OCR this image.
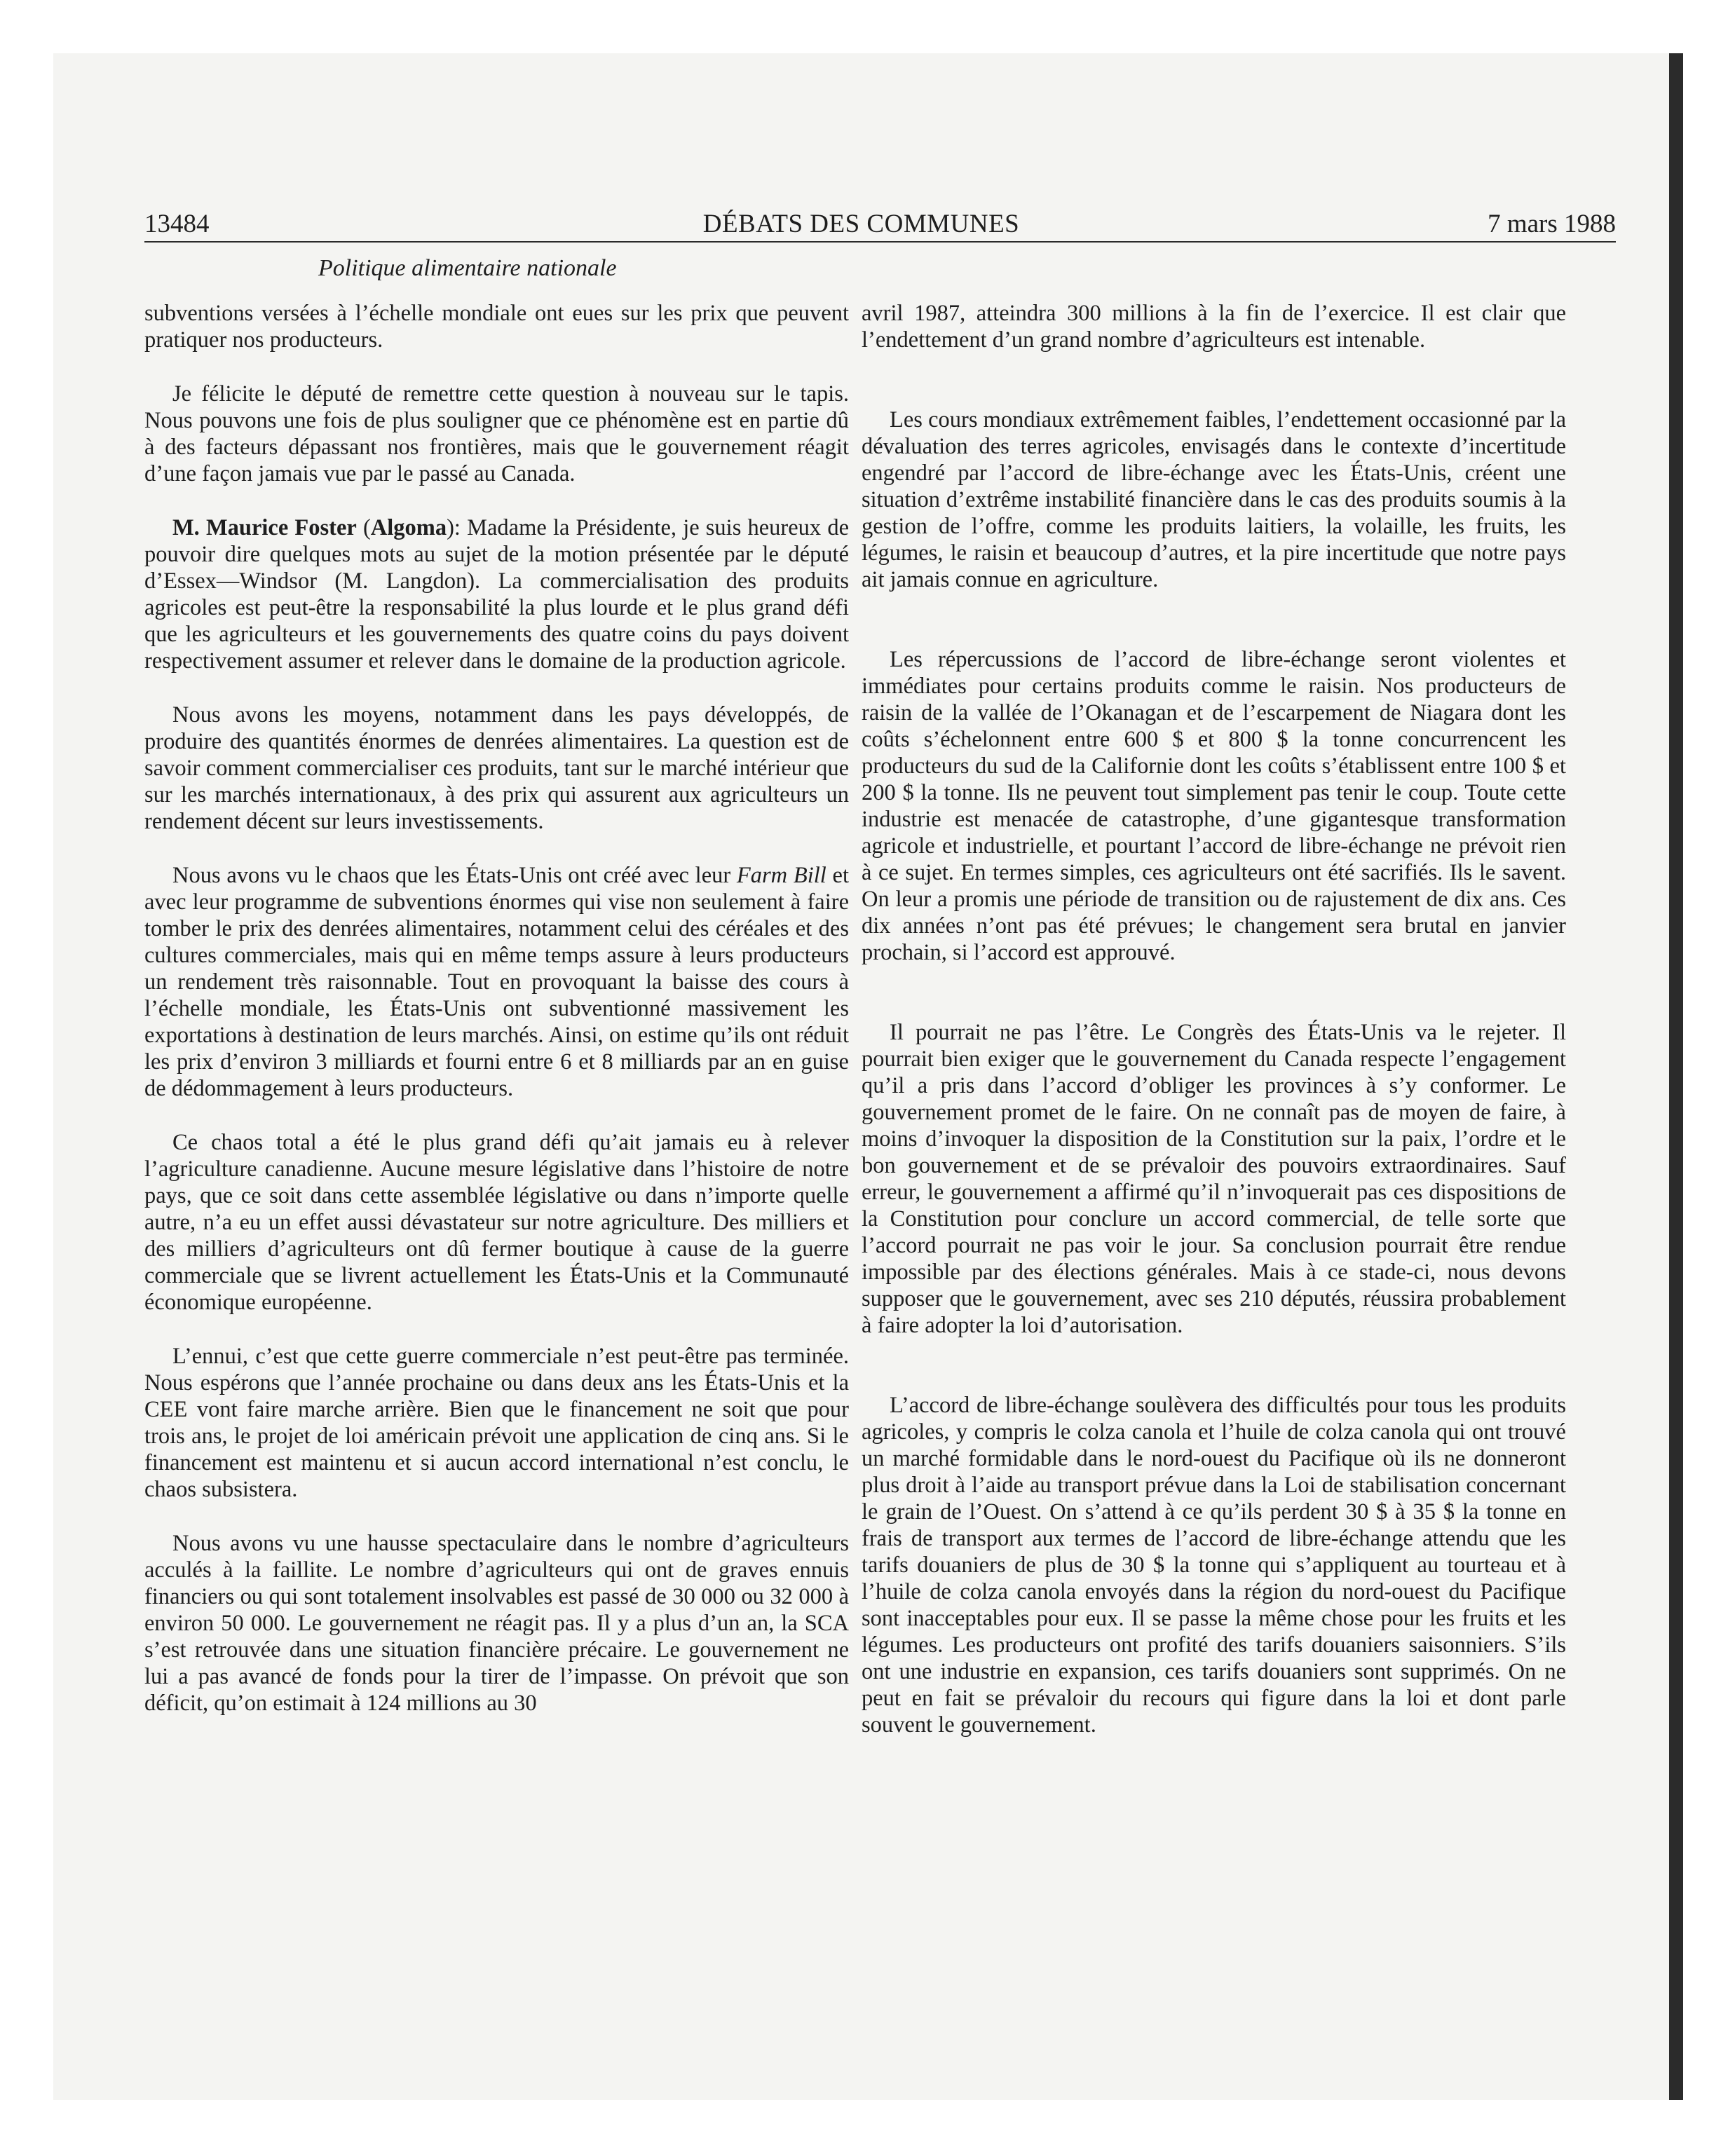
13484	DÉBATS DES COMMUNES	7 mars 1988
Politique alimentaire nationale

subventions versées à l’échelle mondiale ont eues sur les prix que peuvent pratiquer nos producteurs.

Je félicite le député de remettre cette question à nouveau sur le tapis. Nous pouvons une fois de plus souligner que ce phénomène est en partie dû à des facteurs dépassant nos frontières, mais que le gouvernement réagit d’une façon jamais vue par le passé au Canada.

M. Maurice Foster (Algoma): Madame la Présidente, je suis heureux de pouvoir dire quelques mots au sujet de la motion présentée par le député d’Essex—Windsor (M. Langdon). La commercialisation des produits agricoles est peut-être la responsabilité la plus lourde et le plus grand défi que les agriculteurs et les gouvernements des quatre coins du pays doivent respectivement assumer et relever dans le domaine de la production agricole.

Nous avons les moyens, notamment dans les pays développés, de produire des quantités énormes de denrées alimentaires. La question est de savoir comment commercialiser ces produits, tant sur le marché intérieur que sur les marchés internationaux, à des prix qui assurent aux agriculteurs un rendement décent sur leurs investissements.

Nous avons vu le chaos que les États-Unis ont créé avec leur Farm Bill et avec leur programme de subventions énormes qui vise non seulement à faire tomber le prix des denrées alimentaires, notamment celui des céréales et des cultures commerciales, mais qui en même temps assure à leurs producteurs un rendement très raisonnable. Tout en provoquant la baisse des cours à l’échelle mondiale, les États-Unis ont subventionné massivement les exportations à destination de leurs marchés. Ainsi, on estime qu’ils ont réduit les prix d’environ 3 milliards et fourni entre 6 et 8 milliards par an en guise de dédommagement à leurs producteurs.

Ce chaos total a été le plus grand défi qu’ait jamais eu à relever l’agriculture canadienne. Aucune mesure législative dans l’histoire de notre pays, que ce soit dans cette assemblée législative ou dans n’importe quelle autre, n’a eu un effet aussi dévastateur sur notre agriculture. Des milliers et des milliers d’agriculteurs ont dû fermer boutique à cause de la guerre commerciale que se livrent actuellement les États-Unis et la Communauté économique européenne.

L’ennui, c’est que cette guerre commerciale n’est peut-être pas terminée. Nous espérons que l’année prochaine ou dans deux ans les États-Unis et la CEE vont faire marche arrière. Bien que le financement ne soit que pour trois ans, le projet de loi américain prévoit une application de cinq ans. Si le financement est maintenu et si aucun accord international n’est conclu, le chaos subsistera.

Nous avons vu une hausse spectaculaire dans le nombre d’agriculteurs acculés à la faillite. Le nombre d’agriculteurs qui ont de graves ennuis financiers ou qui sont totalement insolvables est passé de 30 000 ou 32 000 à environ 50 000. Le gouvernement ne réagit pas. Il y a plus d’un an, la SCA s’est retrouvée dans une situation financière précaire. Le gouvernement ne lui a pas avancé de fonds pour la tirer de l’impasse. On prévoit que son déficit, qu’on estimait à 124 millions au 30

avril 1987, atteindra 300 millions à la fin de l’exercice. Il est clair que l’endettement d’un grand nombre d’agriculteurs est intenable.

Les cours mondiaux extrêmement faibles, l’endettement occasionné par la dévaluation des terres agricoles, envisagés dans le contexte d’incertitude engendré par l’accord de libre-échange avec les États-Unis, créent une situation d’extrême instabilité financière dans le cas des produits soumis à la gestion de l’offre, comme les produits laitiers, la volaille, les fruits, les légumes, le raisin et beaucoup d’autres, et la pire incertitude que notre pays ait jamais connue en agriculture.

Les répercussions de l’accord de libre-échange seront violentes et immédiates pour certains produits comme le raisin. Nos producteurs de raisin de la vallée de l’Okanagan et de l’escarpement de Niagara dont les coûts s’échelonnent entre 600 $ et 800 $ la tonne concurrencent les producteurs du sud de la Californie dont les coûts s’établissent entre 100 $ et 200 $ la tonne. Ils ne peuvent tout simplement pas tenir le coup. Toute cette industrie est menacée de catastrophe, d’une gigantesque transformation agricole et industrielle, et pourtant l’accord de libre-échange ne prévoit rien à ce sujet. En termes simples, ces agriculteurs ont été sacrifiés. Ils le savent. On leur a promis une période de transition ou de rajustement de dix ans. Ces dix années n’ont pas été prévues; le changement sera brutal en janvier prochain, si l’accord est approuvé.

Il pourrait ne pas l’être. Le Congrès des États-Unis va le rejeter. Il pourrait bien exiger que le gouvernement du Canada respecte l’engagement qu’il a pris dans l’accord d’obliger les provinces à s’y conformer. Le gouvernement promet de le faire. On ne connaît pas de moyen de faire, à moins d’invoquer la disposition de la Constitution sur la paix, l’ordre et le bon gouvernement et de se prévaloir des pouvoirs extraordinaires. Sauf erreur, le gouvernement a affirmé qu’il n’invoquerait pas ces dispositions de la Constitution pour conclure un accord commercial, de telle sorte que l’accord pourrait ne pas voir le jour. Sa conclusion pourrait être rendue impossible par des élections générales. Mais à ce stade-ci, nous devons supposer que le gouvernement, avec ses 210 députés, réussira probablement à faire adopter la loi d’autorisation.

L’accord de libre-échange soulèvera des difficultés pour tous les produits agricoles, y compris le colza canola et l’huile de colza canola qui ont trouvé un marché formidable dans le nord-ouest du Pacifique où ils ne donneront plus droit à l’aide au transport prévue dans la Loi de stabilisation concernant le grain de l’Ouest. On s’attend à ce qu’ils perdent 30 $ à 35 $ la tonne en frais de transport aux termes de l’accord de libre-échange attendu que les tarifs douaniers de plus de 30 $ la tonne qui s’appliquent au tourteau et à l’huile de colza canola envoyés dans la région du nord-ouest du Pacifique sont inacceptables pour eux. Il se passe la même chose pour les fruits et les légumes. Les producteurs ont profité des tarifs douaniers saisonniers. S’ils ont une industrie en expansion, ces tarifs douaniers sont supprimés. On ne peut en fait se prévaloir du recours qui figure dans la loi et dont parle souvent le gouvernement.
